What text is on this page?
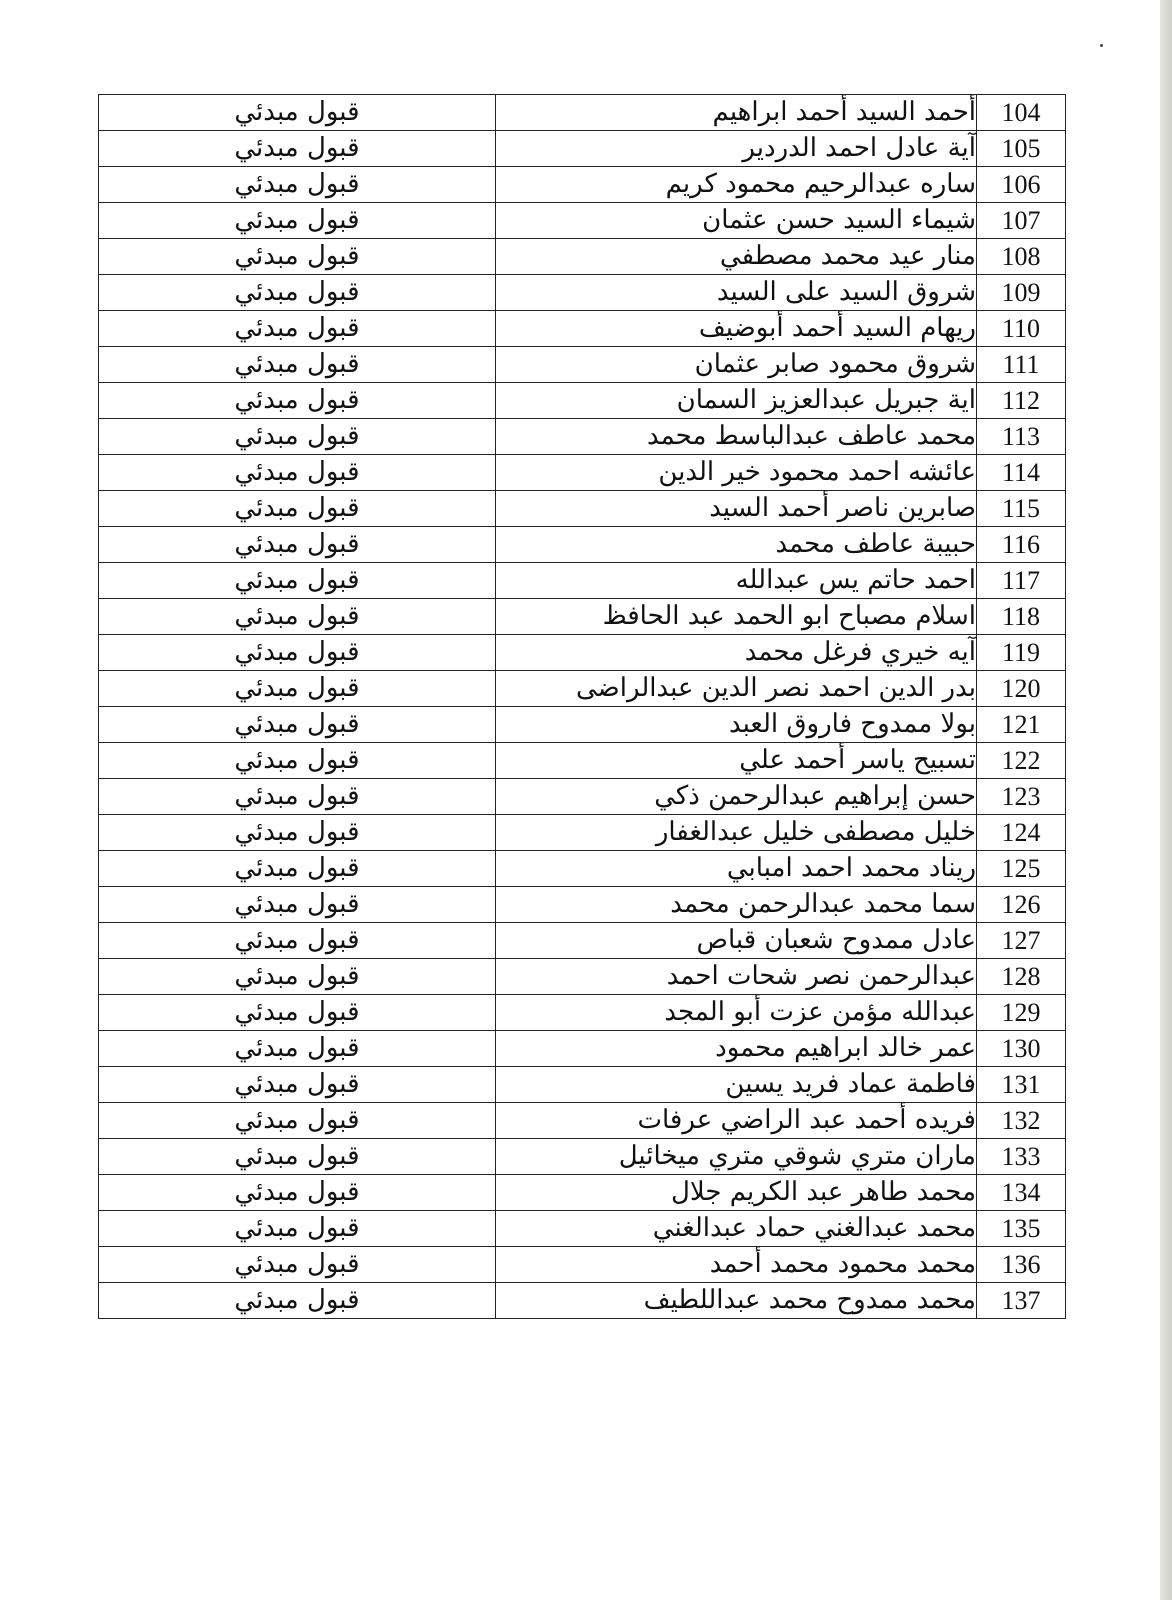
104	أحمد السيد أحمد ابراهيم	قبول مبدئي
105	آية عادل احمد الدردير	قبول مبدئي
106	ساره عبدالرحيم محمود كريم	قبول مبدئي
107	شيماء السيد حسن عثمان	قبول مبدئي
108	منار عيد محمد مصطفي	قبول مبدئي
109	شروق السيد على السيد	قبول مبدئي
110	ريهام السيد أحمد أبوضيف	قبول مبدئي
111	شروق محمود صابر عثمان	قبول مبدئي
112	اية جبريل عبدالعزيز السمان	قبول مبدئي
113	محمد عاطف عبدالباسط محمد	قبول مبدئي
114	عائشه احمد محمود خير الدين	قبول مبدئي
115	صابرين ناصر أحمد السيد	قبول مبدئي
116	حبيبة عاطف محمد	قبول مبدئي
117	احمد حاتم يس عبدالله	قبول مبدئي
118	اسلام مصباح ابو الحمد عبد الحافظ	قبول مبدئي
119	آيه خيري فرغل محمد	قبول مبدئي
120	بدر الدين احمد نصر الدين عبدالراضى	قبول مبدئي
121	بولا ممدوح فاروق العبد	قبول مبدئي
122	تسبيح ياسر أحمد علي	قبول مبدئي
123	حسن إبراهيم عبدالرحمن ذكي	قبول مبدئي
124	خليل مصطفى خليل عبدالغفار	قبول مبدئي
125	ريناد محمد احمد امبابي	قبول مبدئي
126	سما محمد عبدالرحمن محمد	قبول مبدئي
127	عادل ممدوح شعبان قباص	قبول مبدئي
128	عبدالرحمن نصر شحات احمد	قبول مبدئي
129	عبدالله مؤمن عزت أبو المجد	قبول مبدئي
130	عمر خالد ابراهيم محمود	قبول مبدئي
131	فاطمة عماد فريد يسين	قبول مبدئي
132	فريده أحمد عبد الراضي عرفات	قبول مبدئي
133	ماران متري شوقي متري ميخائيل	قبول مبدئي
134	محمد طاهر عبد الكريم جلال	قبول مبدئي
135	محمد عبدالغني حماد عبدالغني	قبول مبدئي
136	محمد محمود محمد أحمد	قبول مبدئي
137	محمد ممدوح محمد عبداللطيف	قبول مبدئي
